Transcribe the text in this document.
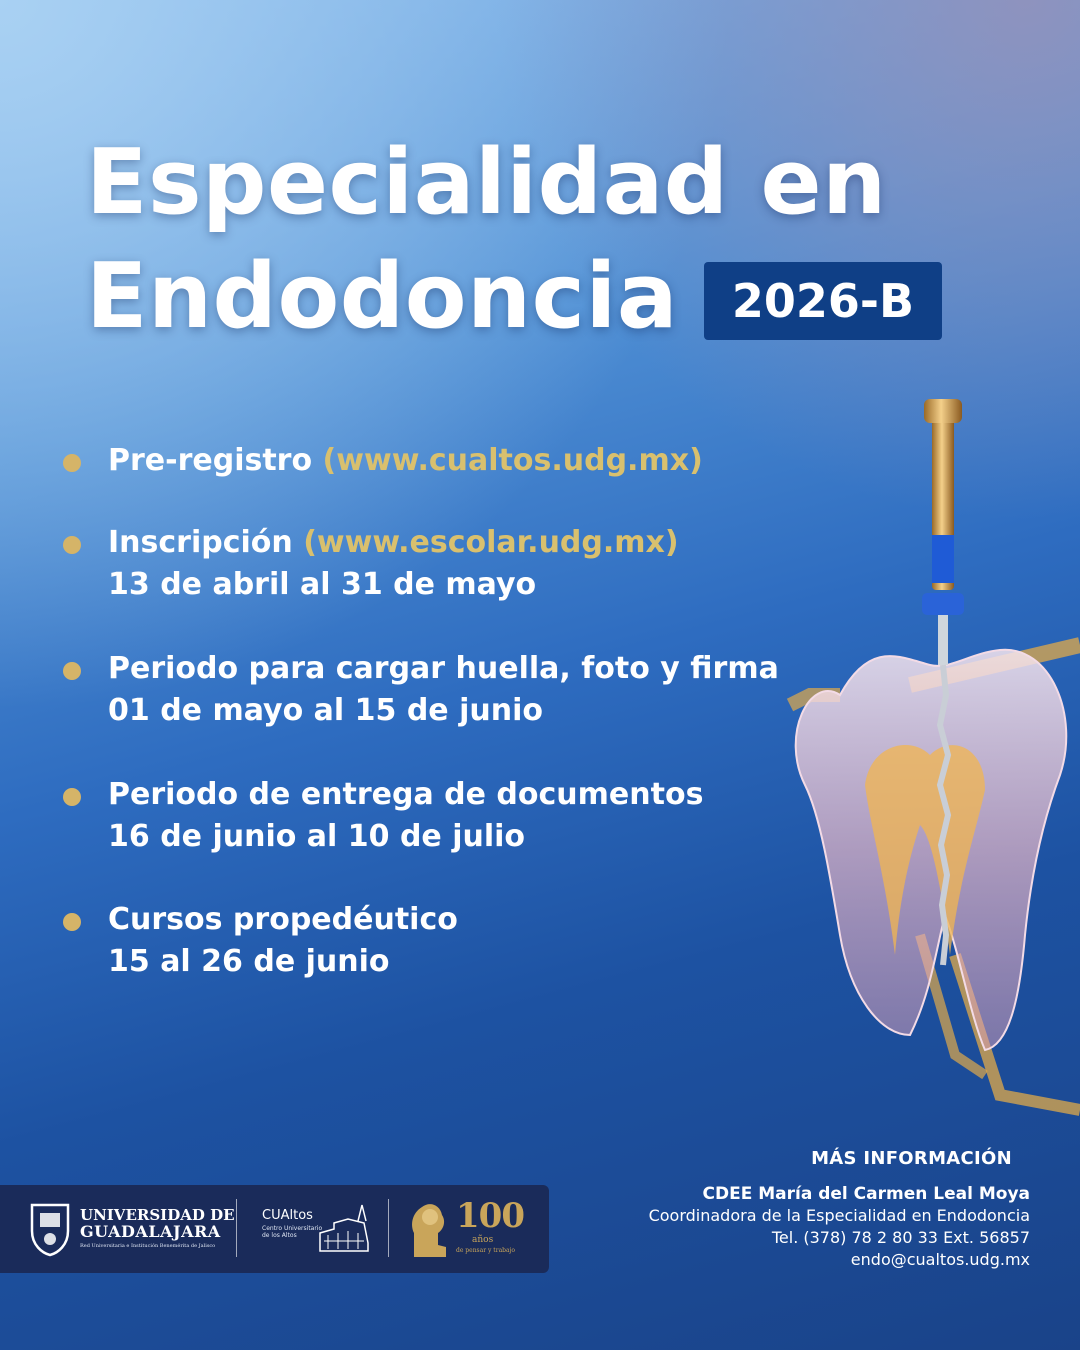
Especialidad en
Endodoncia	2026-B
Pre-registro (www.cualtos.udg.mx)
Inscripción (www.escolar.udg.mx)
13 de abril al 31 de mayo
Periodo para cargar huella, foto y firma
01 de mayo al 15 de junio
Periodo de entrega de documentos
16 de junio al 10 de julio
Cursos propedéutico
15 al 26 de junio
MÁS INFORMACIÓN
CDEE María del Carmen Leal Moya
Coordinadora de la Especialidad en Endodoncia
Tel. (378) 78 2 80 33 Ext. 56857
endo@cualtos.udg.mx
UNIVERSIDAD DE
GUADALAJARA
Red Universitaria e Institución Benemérita de Jalisco
CUAltos
Centro Universitario
de los Altos	100
años
de pensar y trabajo
